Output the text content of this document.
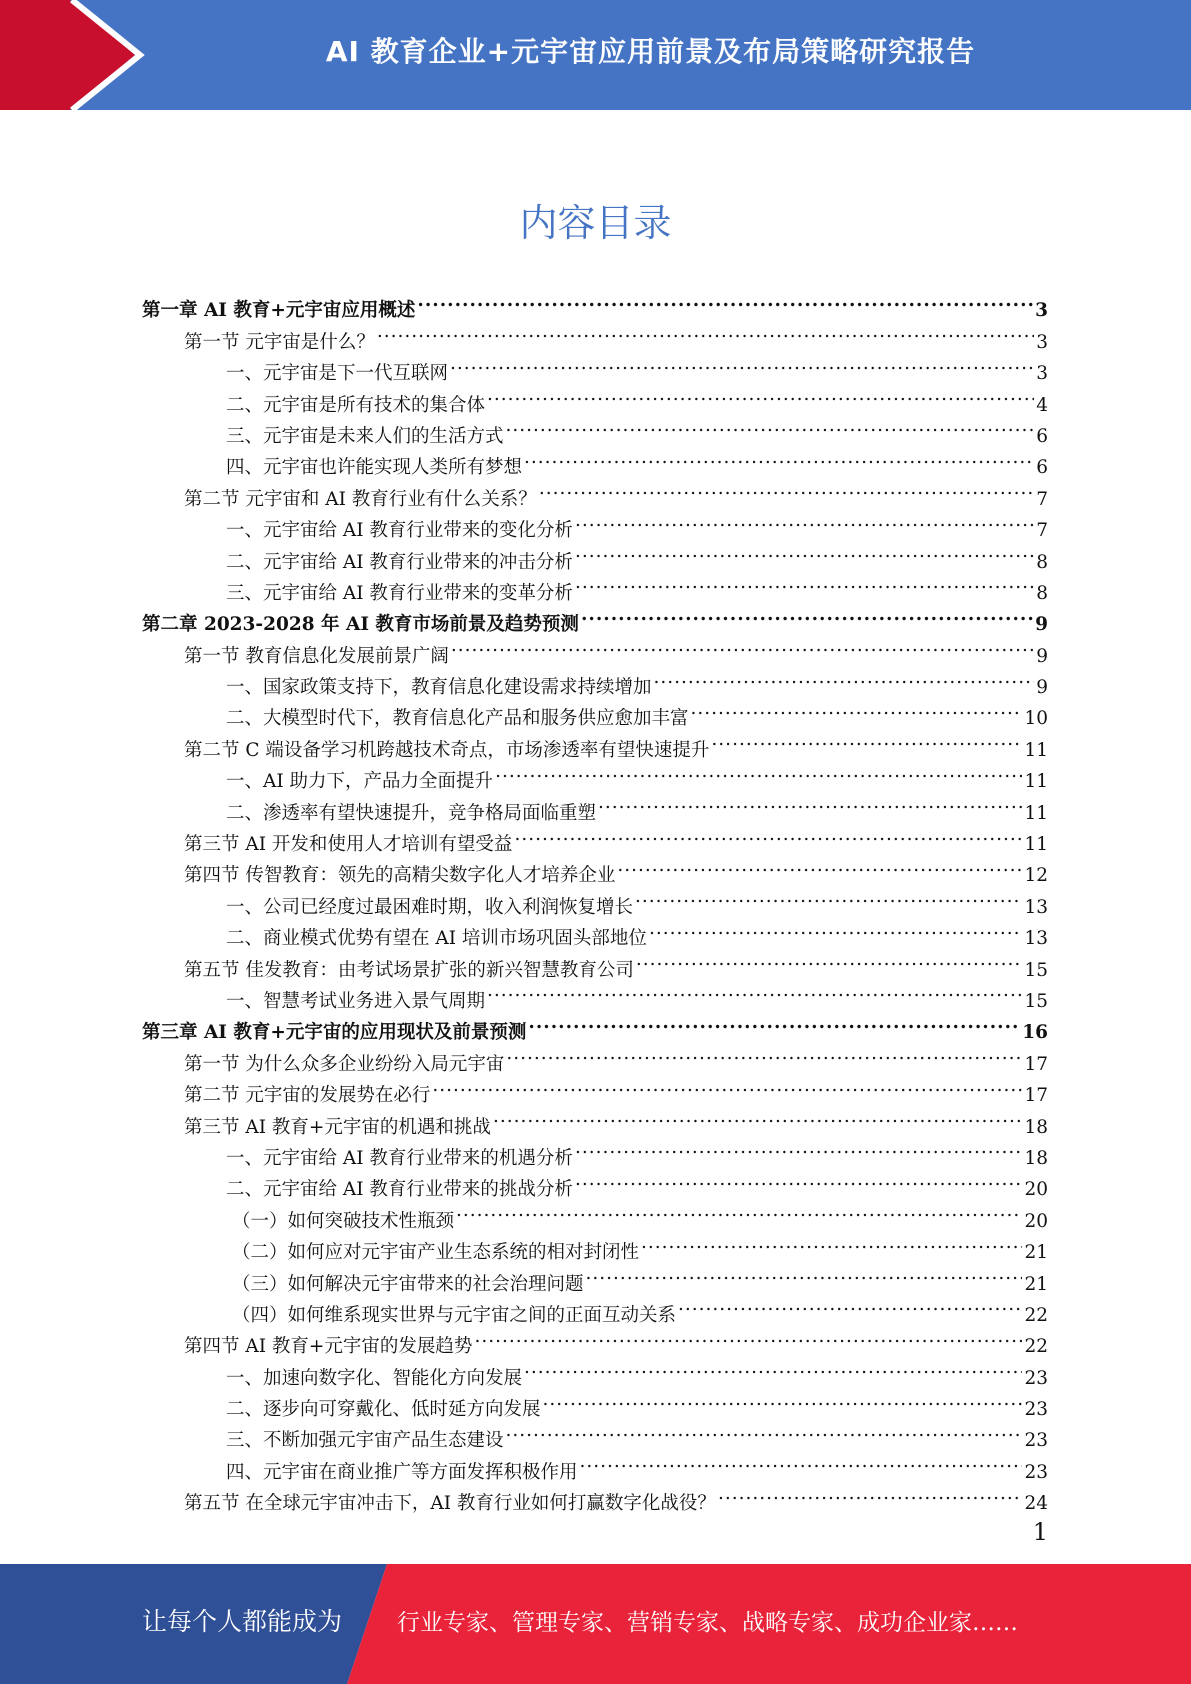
AI 教育企业+元宇宙应用前景及布局策略研究报告
内容目录
第一章 AI 教育+元宇宙应用概述 .....	3
第一节 元宇宙是什么？ .....	3
一、元宇宙是下一代互联网 .....	3
二、元宇宙是所有技术的集合体 .....	4
三、元宇宙是未来人们的生活方式 .....	6
四、元宇宙也许能实现人类所有梦想 .....	6
第二节 元宇宙和 AI 教育行业有什么关系？ .....	7
一、元宇宙给 AI 教育行业带来的变化分析 .....	7
二、元宇宙给 AI 教育行业带来的冲击分析 .....	8
三、元宇宙给 AI 教育行业带来的变革分析 .....	8
第二章 2023-2028 年 AI 教育市场前景及趋势预测 .....	9
第一节 教育信息化发展前景广阔 .....	9
一、国家政策支持下，教育信息化建设需求持续增加 .....	9
二、大模型时代下，教育信息化产品和服务供应愈加丰富 .....	10
第二节 C 端设备学习机跨越技术奇点，市场渗透率有望快速提升 .....	11
一、AI 助力下，产品力全面提升 .....	11
二、渗透率有望快速提升，竞争格局面临重塑 .....	11
第三节 AI 开发和使用人才培训有望受益 .....	11
第四节 传智教育：领先的高精尖数字化人才培养企业 .....	12
一、公司已经度过最困难时期，收入利润恢复增长 .....	13
二、商业模式优势有望在 AI 培训市场巩固头部地位 .....	13
第五节 佳发教育：由考试场景扩张的新兴智慧教育公司 .....	15
一、智慧考试业务进入景气周期 .....	15
第三章 AI 教育+元宇宙的应用现状及前景预测 .....	16
第一节 为什么众多企业纷纷入局元宇宙 .....	17
第二节 元宇宙的发展势在必行 .....	17
第三节 AI 教育+元宇宙的机遇和挑战 .....	18
一、元宇宙给 AI 教育行业带来的机遇分析 .....	18
二、元宇宙给 AI 教育行业带来的挑战分析 .....	20
（一）如何突破技术性瓶颈 .....	20
（二）如何应对元宇宙产业生态系统的相对封闭性 .....	21
（三）如何解决元宇宙带来的社会治理问题 .....	21
（四）如何维系现实世界与元宇宙之间的正面互动关系 .....	22
第四节 AI 教育+元宇宙的发展趋势 .....	22
一、加速向数字化、智能化方向发展 .....	23
二、逐步向可穿戴化、低时延方向发展 .....	23
三、不断加强元宇宙产品生态建设 .....	23
四、元宇宙在商业推广等方面发挥积极作用 .....	23
第五节 在全球元宇宙冲击下，AI 教育行业如何打赢数字化战役？ .....	24
1
让每个人都能成为 行业专家、管理专家、营销专家、战略专家、成功企业家……
